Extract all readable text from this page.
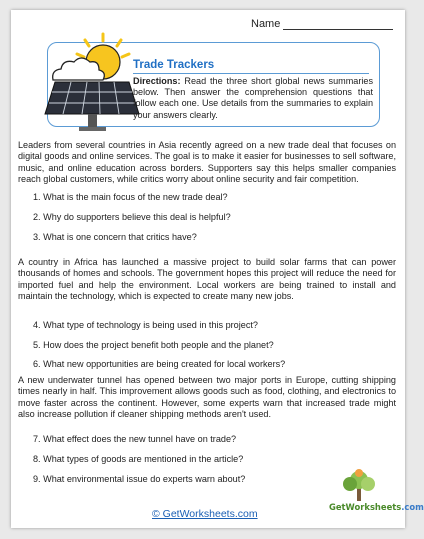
Name
Trade Trackers
Directions: Read the three short global news summaries below. Then answer the comprehension questions that follow each one. Use details from the summaries to explain your answers clearly.
Leaders from several countries in Asia recently agreed on a new trade deal that focuses on digital goods and online services. The goal is to make it easier for businesses to sell software, music, and online education across borders. Supporters say this helps smaller companies reach global customers, while critics worry about online security and fair competition.
1. What is the main focus of the new trade deal?
2. Why do supporters believe this deal is helpful?
3. What is one concern that critics have?
A country in Africa has launched a massive project to build solar farms that can power thousands of homes and schools. The government hopes this project will reduce the need for imported fuel and help the environment. Local workers are being trained to install and maintain the technology, which is expected to create many new jobs.
4. What type of technology is being used in this project?
5. How does the project benefit both people and the planet?
6. What new opportunities are being created for local workers?
A new underwater tunnel has opened between two major ports in Europe, cutting shipping times nearly in half. This improvement allows goods such as food, clothing, and electronics to move faster across the continent. However, some experts warn that increased trade might also increase pollution if cleaner shipping methods aren't used.
7. What effect does the new tunnel have on trade?
8. What types of goods are mentioned in the article?
9. What environmental issue do experts warn about?
© GetWorksheets.com
GetWorksheets.com
